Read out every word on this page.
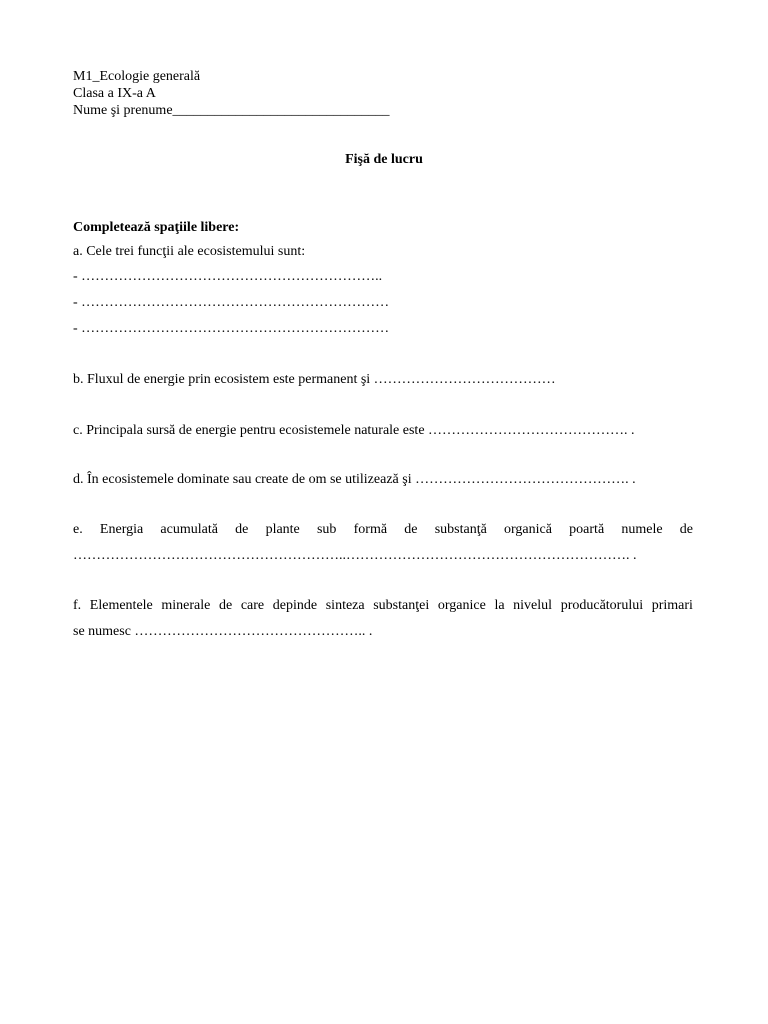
M1_Ecologie generală
Clasa a IX-a A
Nume şi prenume_______________________________
Fişă de lucru
Completează spaţiile libere:
a. Cele trei funcţii ale ecosistemului sunt:
- ………………………………………………………..
- …………………………………………………………
- …………………………………………………………
b. Fluxul de energie prin ecosistem este permanent şi …………………………………
c. Principala sursă de energie pentru ecosistemele naturale este ……………………………………. .
d. În ecosistemele dominate sau create de om se utilizează şi ………………………………………. .
e. Energia acumulată de plante sub formă de substanţă organică poartă numele de
…………………………………………………..……………………………………………………. .
f. Elementele minerale de care depinde sinteza substanţei organice la nivelul producătorului primari
se numesc ………………………………………….. .
